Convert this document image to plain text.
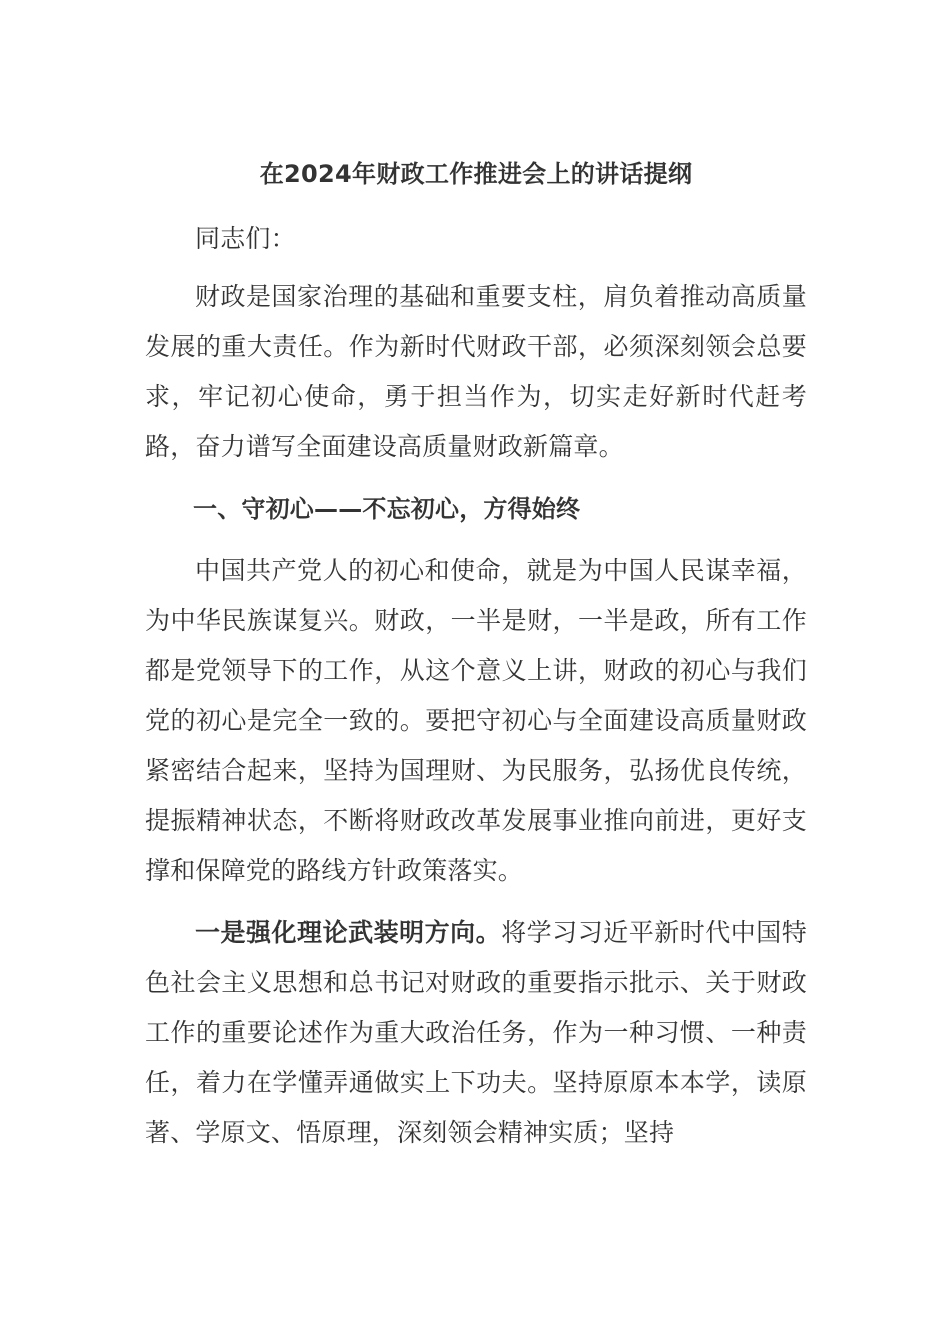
在2024年财政工作推进会上的讲话提纲

同志们：

财政是国家治理的基础和重要支柱，肩负着推动高质量发展的重大责任。作为新时代财政干部，必须深刻领会总要求，牢记初心使命，勇于担当作为，切实走好新时代赶考路，奋力谱写全面建设高质量财政新篇章。

一、守初心——不忘初心，方得始终

中国共产党人的初心和使命，就是为中国人民谋幸福，为中华民族谋复兴。财政，一半是财，一半是政，所有工作都是党领导下的工作，从这个意义上讲，财政的初心与我们党的初心是完全一致的。要把守初心与全面建设高质量财政紧密结合起来，坚持为国理财、为民服务，弘扬优良传统，提振精神状态，不断将财政改革发展事业推向前进，更好支撑和保障党的路线方针政策落实。

一是强化理论武装明方向。将学习习近平新时代中国特色社会主义思想和总书记对财政的重要指示批示、关于财政工作的重要论述作为重大政治任务，作为一种习惯、一种责任，着力在学懂弄通做实上下功夫。坚持原原本本学，读原著、学原文、悟原理，深刻领会精神实质；坚持
